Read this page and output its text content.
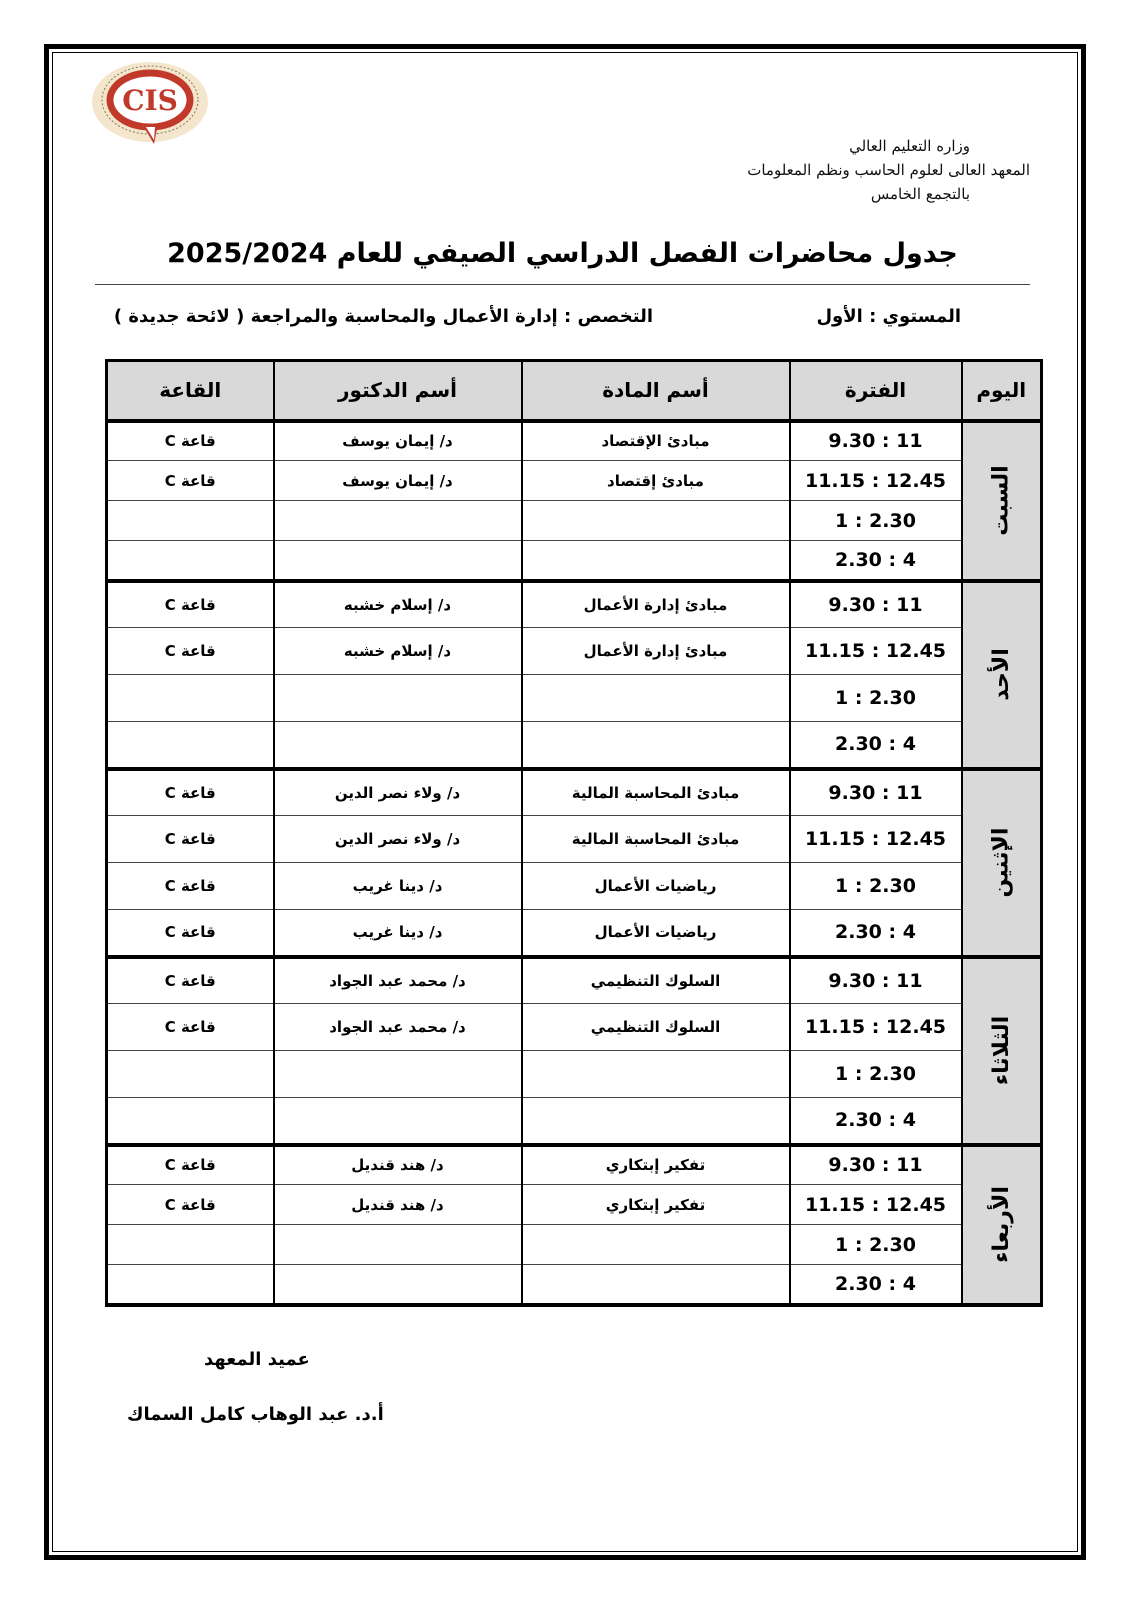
CIS
وزاره التعليم العالي
المعهد العالى لعلوم الحاسب ونظم المعلومات
بالتجمع الخامس
جدول محاضرات الفصل الدراسي الصيفي للعام 2025/2024
المستوي : الأول
التخصص : إدارة الأعمال والمحاسبة والمراجعة ( لائحة جديدة )
اليوم	الفترة	أسم المادة	أسم الدكتور	القاعة
السبت	11 : 9.30	مبادئ الإقتصاد	د/ إيمان يوسف	قاعة C
	12.45 : 11.15	مبادئ إقتصاد	د/ إيمان يوسف	قاعة C
	2.30 : 1			
	4 : 2.30			
الأحد	11 : 9.30	مبادئ إدارة الأعمال	د/ إسلام خشبه	قاعة C
	12.45 : 11.15	مبادئ إدارة الأعمال	د/ إسلام خشبه	قاعة C
	2.30 : 1			
	4 : 2.30			
الإثنين	11 : 9.30	مبادئ المحاسبة المالية	د/ ولاء نصر الدين	قاعة C
	12.45 : 11.15	مبادئ المحاسبة المالية	د/ ولاء نصر الدين	قاعة C
	2.30 : 1	رياضيات الأعمال	د/ دينا غريب	قاعة C
	4 : 2.30	رياضيات الأعمال	د/ دينا غريب	قاعة C
الثلاثاء	11 : 9.30	السلوك التنظيمي	د/ محمد عبد الجواد	قاعة C
	12.45 : 11.15	السلوك التنظيمي	د/ محمد عبد الجواد	قاعة C
	2.30 : 1			
	4 : 2.30			
الأربعاء	11 : 9.30	تفكير إبتكاري	د/ هند قنديل	قاعة C
	12.45 : 11.15	تفكير إبتكاري	د/ هند قنديل	قاعة C
	2.30 : 1			
	4 : 2.30			
عميد المعهد
أ.د. عبد الوهاب كامل السماك
